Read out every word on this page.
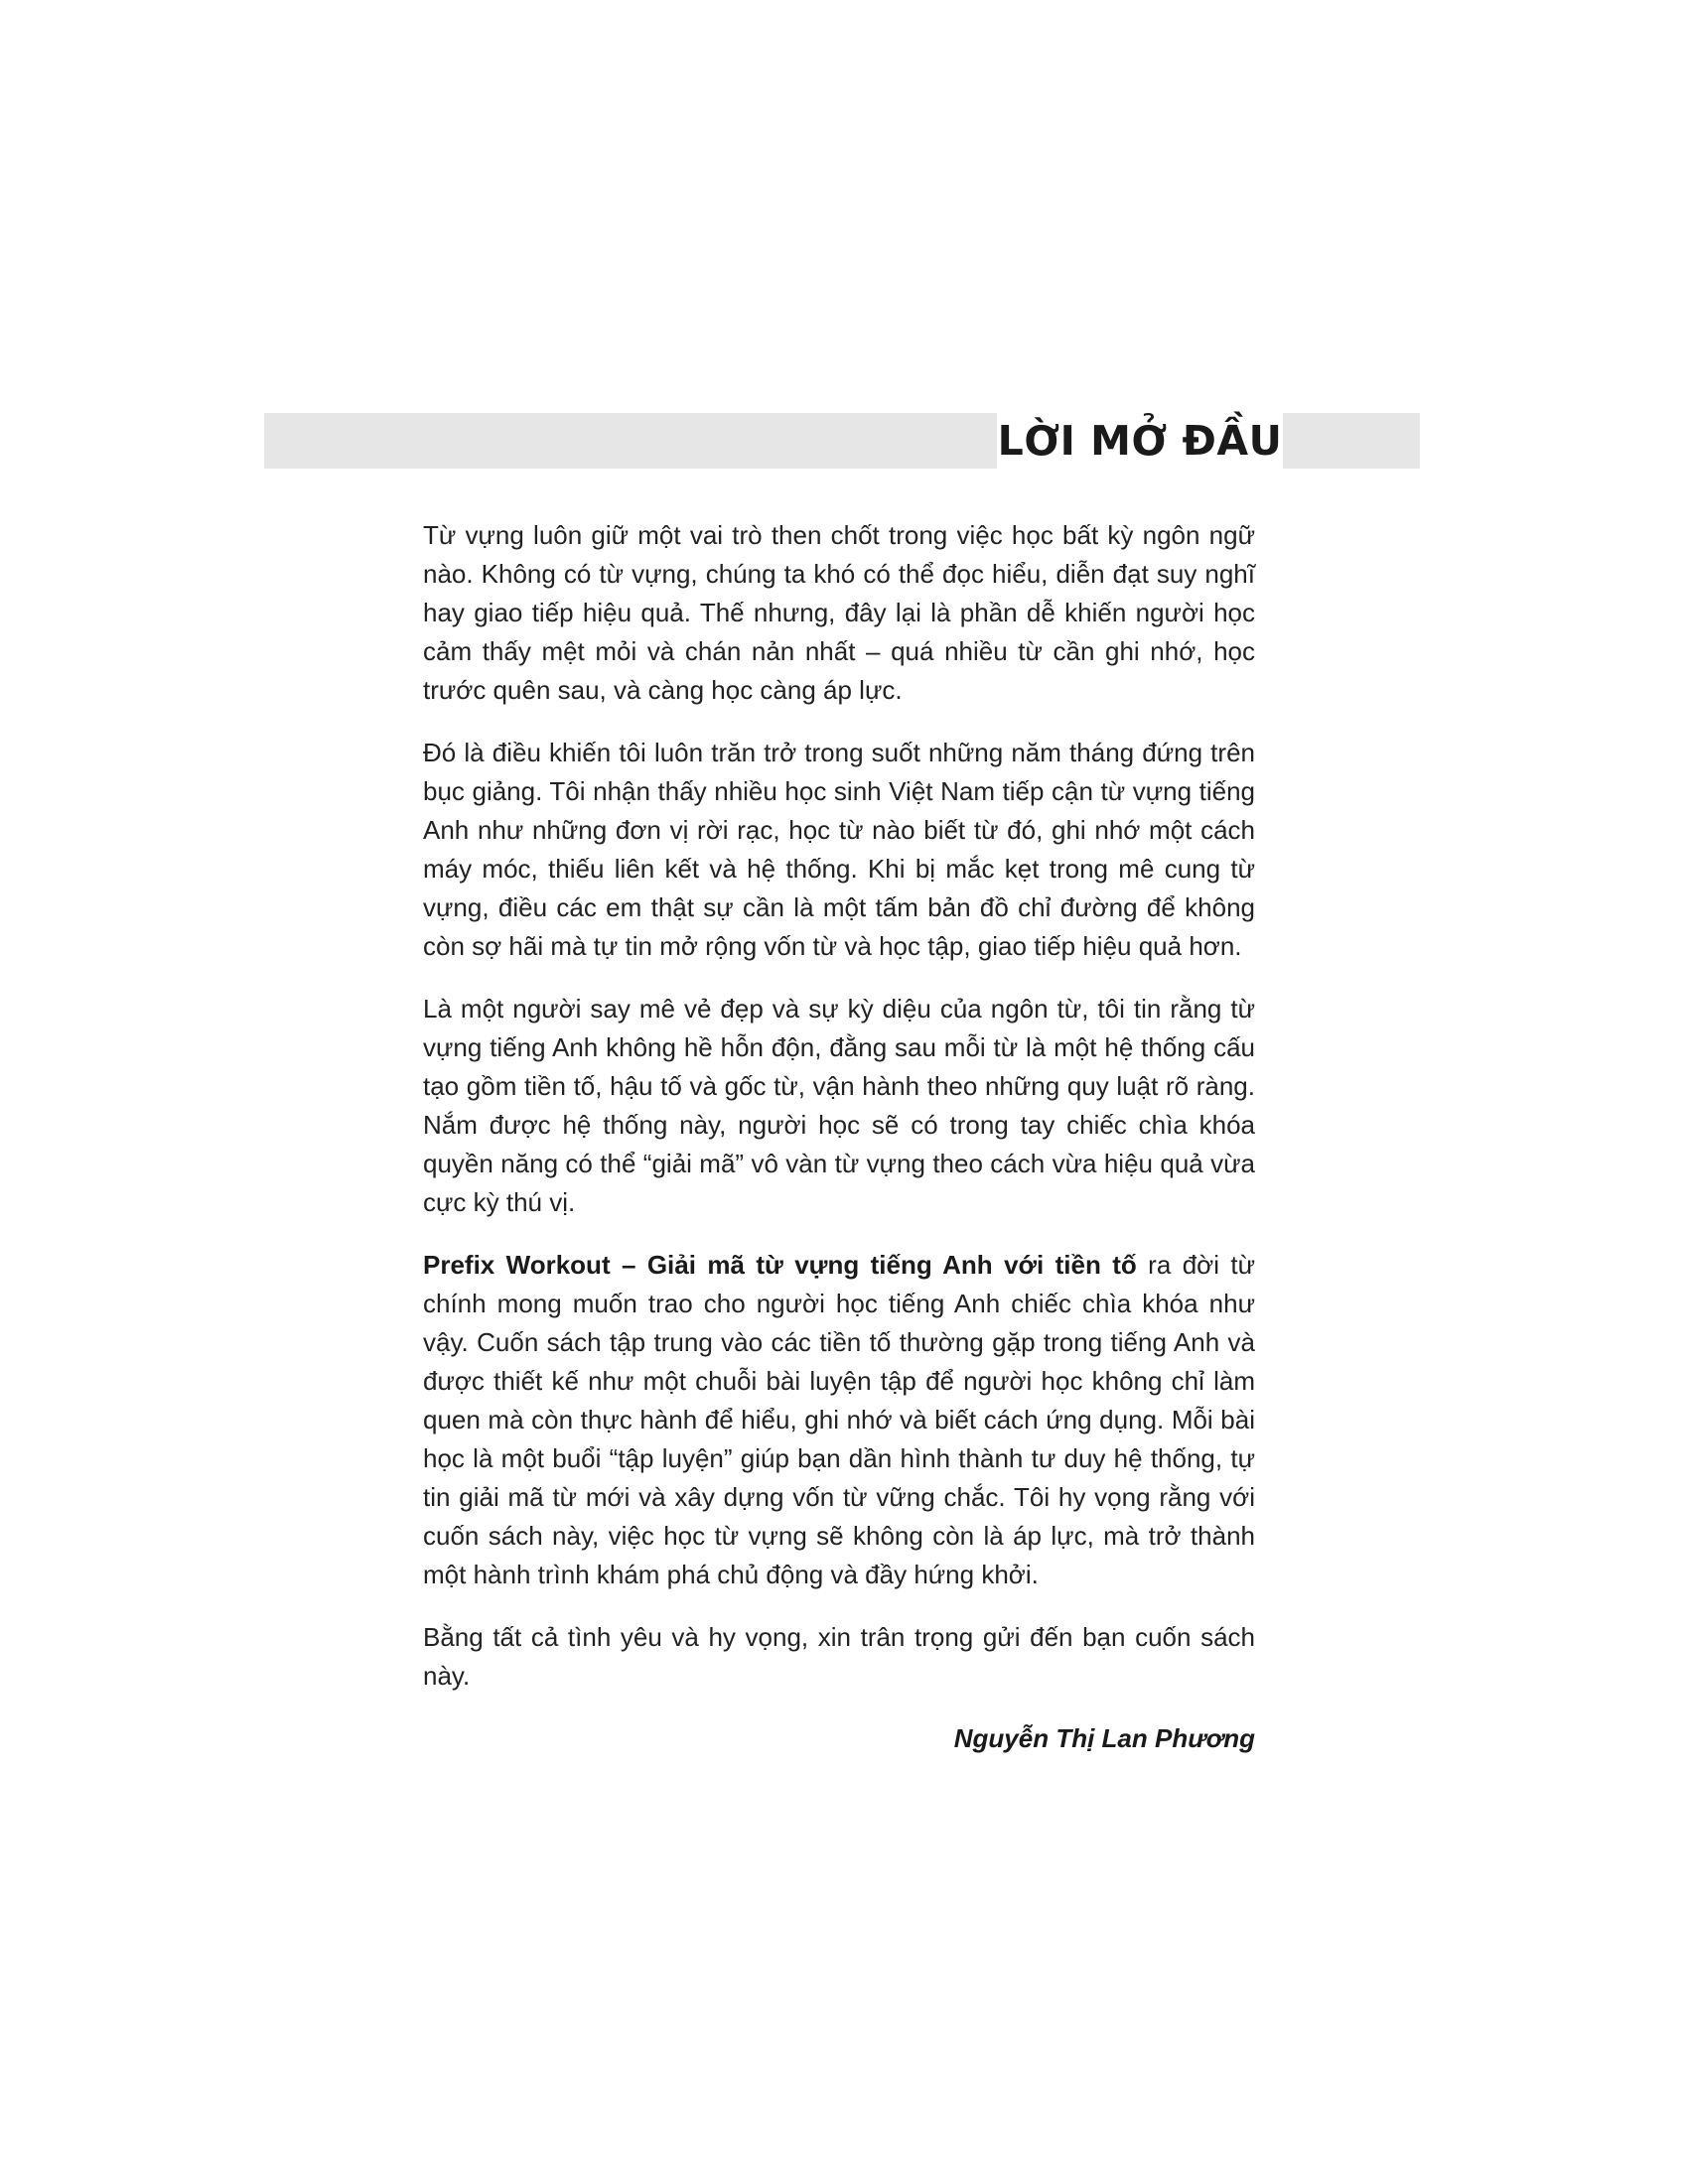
LỜI MỞ ĐẦU

Từ vựng luôn giữ một vai trò then chốt trong việc học bất kỳ ngôn ngữ nào. Không có từ vựng, chúng ta khó có thể đọc hiểu, diễn đạt suy nghĩ hay giao tiếp hiệu quả. Thế nhưng, đây lại là phần dễ khiến người học cảm thấy mệt mỏi và chán nản nhất – quá nhiều từ cần ghi nhớ, học trước quên sau, và càng học càng áp lực.

Đó là điều khiến tôi luôn trăn trở trong suốt những năm tháng đứng trên bục giảng. Tôi nhận thấy nhiều học sinh Việt Nam tiếp cận từ vựng tiếng Anh như những đơn vị rời rạc, học từ nào biết từ đó, ghi nhớ một cách máy móc, thiếu liên kết và hệ thống. Khi bị mắc kẹt trong mê cung từ vựng, điều các em thật sự cần là một tấm bản đồ chỉ đường để không còn sợ hãi mà tự tin mở rộng vốn từ và học tập, giao tiếp hiệu quả hơn.

Là một người say mê vẻ đẹp và sự kỳ diệu của ngôn từ, tôi tin rằng từ vựng tiếng Anh không hề hỗn độn, đằng sau mỗi từ là một hệ thống cấu tạo gồm tiền tố, hậu tố và gốc từ, vận hành theo những quy luật rõ ràng. Nắm được hệ thống này, người học sẽ có trong tay chiếc chìa khóa quyền năng có thể “giải mã” vô vàn từ vựng theo cách vừa hiệu quả vừa cực kỳ thú vị.

Prefix Workout – Giải mã từ vựng tiếng Anh với tiền tố ra đời từ chính mong muốn trao cho người học tiếng Anh chiếc chìa khóa như vậy. Cuốn sách tập trung vào các tiền tố thường gặp trong tiếng Anh và được thiết kế như một chuỗi bài luyện tập để người học không chỉ làm quen mà còn thực hành để hiểu, ghi nhớ và biết cách ứng dụng. Mỗi bài học là một buổi “tập luyện” giúp bạn dần hình thành tư duy hệ thống, tự tin giải mã từ mới và xây dựng vốn từ vững chắc. Tôi hy vọng rằng với cuốn sách này, việc học từ vựng sẽ không còn là áp lực, mà trở thành một hành trình khám phá chủ động và đầy hứng khởi.

Bằng tất cả tình yêu và hy vọng, xin trân trọng gửi đến bạn cuốn sách này.

Nguyễn Thị Lan Phương
